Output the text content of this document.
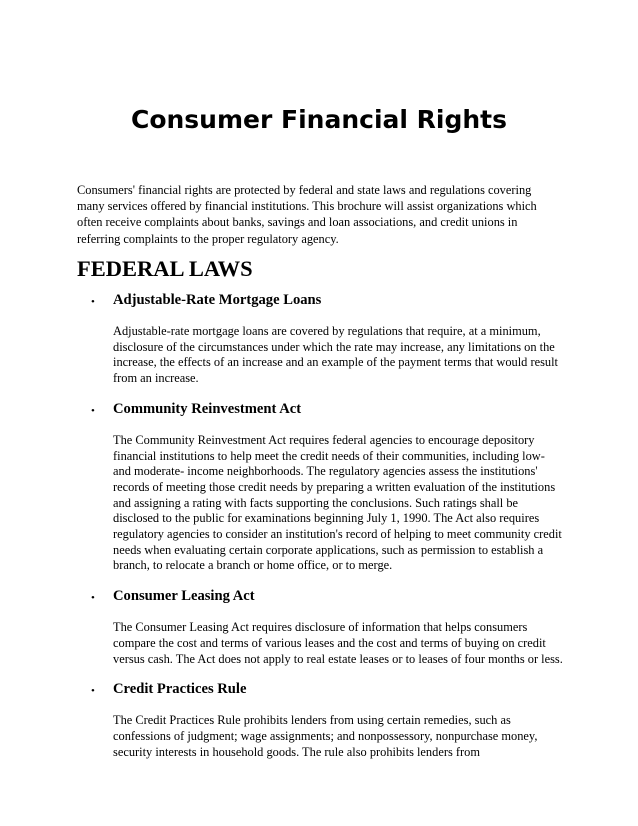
Consumer Financial Rights

Consumers' financial rights are protected by federal and state laws and regulations covering many services offered by financial institutions. This brochure will assist organizations which often receive complaints about banks, savings and loan associations, and credit unions in referring complaints to the proper regulatory agency.

FEDERAL LAWS
• Adjustable-Rate Mortgage Loans

Adjustable-rate mortgage loans are covered by regulations that require, at a minimum, disclosure of the circumstances under which the rate may increase, any limitations on the increase, the effects of an increase and an example of the payment terms that would result from an increase.

• Community Reinvestment Act

The Community Reinvestment Act requires federal agencies to encourage depository financial institutions to help meet the credit needs of their communities, including low- and moderate- income neighborhoods. The regulatory agencies assess the institutions' records of meeting those credit needs by preparing a written evaluation of the institutions and assigning a rating with facts supporting the conclusions. Such ratings shall be disclosed to the public for examinations beginning July 1, 1990. The Act also requires regulatory agencies to consider an institution's record of helping to meet community credit needs when evaluating certain corporate applications, such as permission to establish a branch, to relocate a branch or home office, or to merge.

• Consumer Leasing Act

The Consumer Leasing Act requires disclosure of information that helps consumers compare the cost and terms of various leases and the cost and terms of buying on credit versus cash. The Act does not apply to real estate leases or to leases of four months or less.

• Credit Practices Rule

The Credit Practices Rule prohibits lenders from using certain remedies, such as confessions of judgment; wage assignments; and nonpossessory, nonpurchase money, security interests in household goods. The rule also prohibits lenders from
